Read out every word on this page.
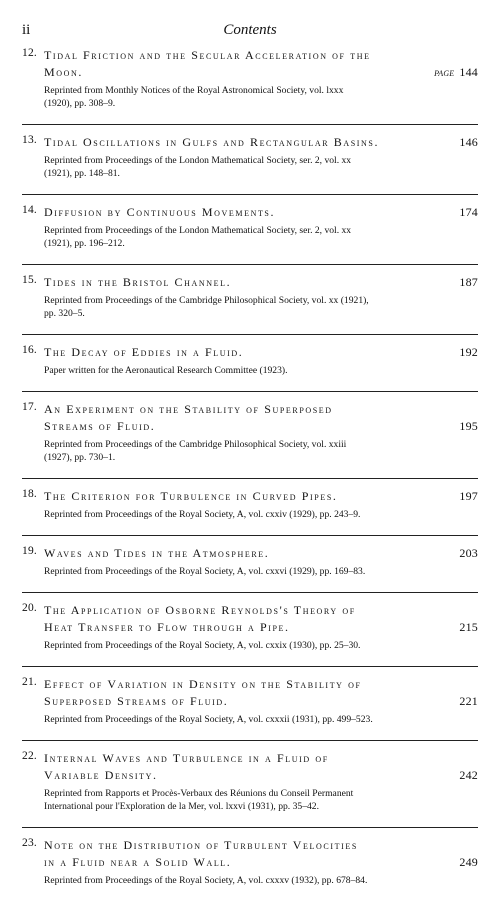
ii	Contents
12. Tidal Friction and the Secular Acceleration of the
Moon.	page 144
Reprinted from Monthly Notices of the Royal Astronomical Society, vol. lxxx
(1920), pp. 308–9.
13. Tidal Oscillations in Gulfs and Rectangular Basins.	146
Reprinted from Proceedings of the London Mathematical Society, ser. 2, vol. xx
(1921), pp. 148–81.
14. Diffusion by Continuous Movements.	174
Reprinted from Proceedings of the London Mathematical Society, ser. 2, vol. xx
(1921), pp. 196–212.
15. Tides in the Bristol Channel.	187
Reprinted from Proceedings of the Cambridge Philosophical Society, vol. xx (1921),
pp. 320–5.
16. The Decay of Eddies in a Fluid.	192
Paper written for the Aeronautical Research Committee (1923).
17. An Experiment on the Stability of Superposed
Streams of Fluid.	195
Reprinted from Proceedings of the Cambridge Philosophical Society, vol. xxiii
(1927), pp. 730–1.
18. The Criterion for Turbulence in Curved Pipes.	197
Reprinted from Proceedings of the Royal Society, A, vol. cxxiv (1929), pp. 243–9.
19. Waves and Tides in the Atmosphere.	203
Reprinted from Proceedings of the Royal Society, A, vol. cxxvi (1929), pp. 169–83.
20. The Application of Osborne Reynolds's Theory of
Heat Transfer to Flow through a Pipe.	215
Reprinted from Proceedings of the Royal Society, A, vol. cxxix (1930), pp. 25–30.
21. Effect of Variation in Density on the Stability of
Superposed Streams of Fluid.	221
Reprinted from Proceedings of the Royal Society, A, vol. cxxxii (1931), pp. 499–523.
22. Internal Waves and Turbulence in a Fluid of
Variable Density.	242
Reprinted from Rapports et Procès-Verbaux des Réunions du Conseil Permanent
International pour l'Exploration de la Mer, vol. lxxvi (1931), pp. 35–42.
23. Note on the Distribution of Turbulent Velocities
in a Fluid near a Solid Wall.	249
Reprinted from Proceedings of the Royal Society, A, vol. cxxxv (1932), pp. 678–84.
